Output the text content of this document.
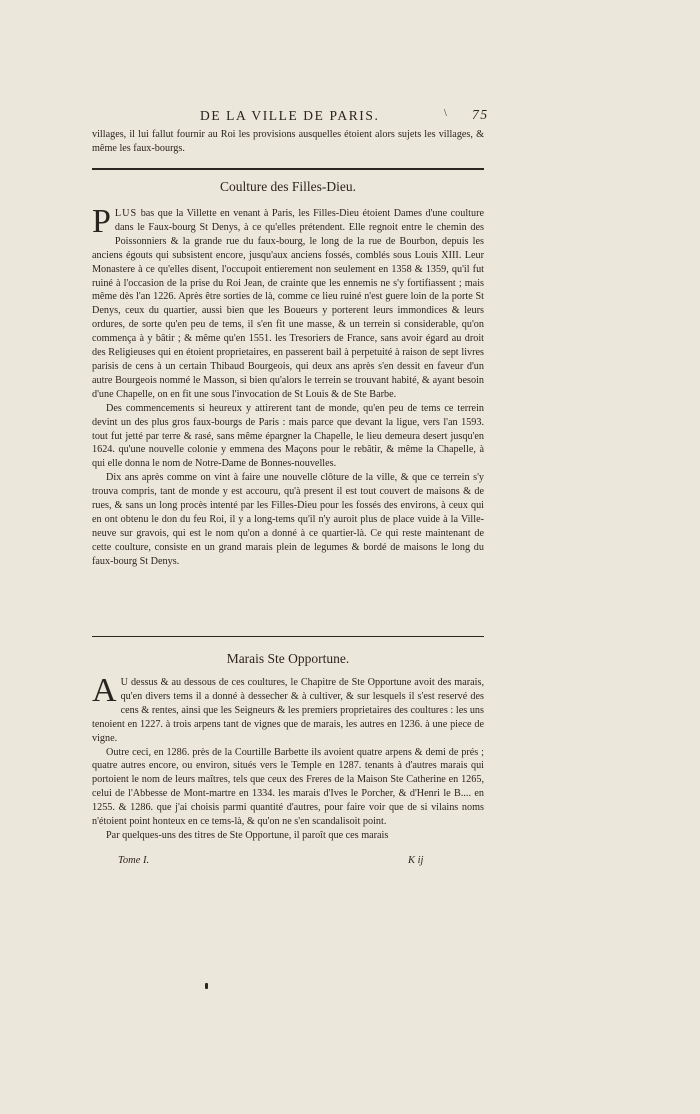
DE LA VILLE DE PARIS.	\ 75

villages, il lui fallut fournir au Roi les provisions ausquelles étoient alors sujets les villages, & même les faux-bourgs.

Coulture des Filles-Dieu.

PLUS bas que la Villette en venant à Paris, les Filles-Dieu étoient Dames d'une coulture dans le Faux-bourg St Denys, à ce qu'elles prétendent. Elle regnoit entre le chemin des Poissonniers & la grande rue du faux-bourg, le long de la rue de Bourbon, depuis les anciens égouts qui subsistent encore, jusqu'aux anciens fossés, comblés sous Louis XIII. Leur Monastere à ce qu'elles disent, l'occupoit entierement non seulement en 1358 & 1359, qu'il fut ruiné à l'occasion de la prise du Roi Jean, de crainte que les ennemis ne s'y fortifiassent ; mais même dès l'an 1226. Après être sorties de là, comme ce lieu ruiné n'est guere loin de la porte St Denys, ceux du quartier, aussi bien que les Boueurs y porterent leurs immondices & leurs ordures, de sorte qu'en peu de tems, il s'en fit une masse, & un terrein si considerable, qu'on commença à y bâtir ; & même qu'en 1551. les Tresoriers de France, sans avoir égard au droit des Religieuses qui en étoient proprietaires, en passerent bail à perpetuité à raison de sept livres parisis de cens à un certain Thibaud Bourgeois, qui deux ans après s'en dessit en faveur d'un autre Bourgeois nommé le Masson, si bien qu'alors le terrein se trouvant habité, & ayant besoin d'une Chapelle, on en fit une sous l'invocation de St Louis & de Ste Barbe.

Des commencements si heureux y attirerent tant de monde, qu'en peu de tems ce terrein devint un des plus gros faux-bourgs de Paris : mais parce que devant la ligue, vers l'an 1593. tout fut jetté par terre & rasé, sans même épargner la Chapelle, le lieu demeura desert jusqu'en 1624. qu'une nouvelle colonie y emmena des Maçons pour le rebâtir, & même la Chapelle, à qui elle donna le nom de Notre-Dame de Bonnes-nouvelles.

Dix ans après comme on vint à faire une nouvelle clôture de la ville, & que ce terrein s'y trouva compris, tant de monde y est accouru, qu'à present il est tout couvert de maisons & de rues, & sans un long procès intenté par les Filles-Dieu pour les fossés des environs, à ceux qui en ont obtenu le don du feu Roi, il y a long-tems qu'il n'y auroit plus de place vuide à la Ville-neuve sur gravois, qui est le nom qu'on a donné à ce quartier-là. Ce qui reste maintenant de cette coulture, consiste en un grand marais plein de legumes & bordé de maisons le long du faux-bourg St Denys.

Marais Ste Opportune.

A U dessus & au dessous de ces coultures, le Chapitre de Ste Opportune avoit des marais, qu'en divers tems il a donné à dessecher & à cultiver, & sur lesquels il s'est reservé des cens & rentes, ainsi que les Seigneurs & les premiers proprietaires des coultures : les uns tenoient en 1227. à trois arpens tant de vignes que de marais, les autres en 1236. à une piece de vigne.

Outre ceci, en 1286. près de la Courtille Barbette ils avoient quatre arpens & demi de prés ; quatre autres encore, ou environ, situés vers le Temple en 1287. tenants à d'autres marais qui portoient le nom de leurs maîtres, tels que ceux des Freres de la Maison Ste Catherine en 1265, celui de l'Abbesse de Mont-martre en 1334. les marais d'Ives le Porcher, & d'Henri le B.... en 1255. & 1286. que j'ai choisis parmi quantité d'autres, pour faire voir que de si vilains noms n'étoient point honteux en ce tems-là, & qu'on ne s'en scandalisoit point.

Par quelques-uns des titres de Ste Opportune, il paroît que ces marais

Tome I.	K ij
